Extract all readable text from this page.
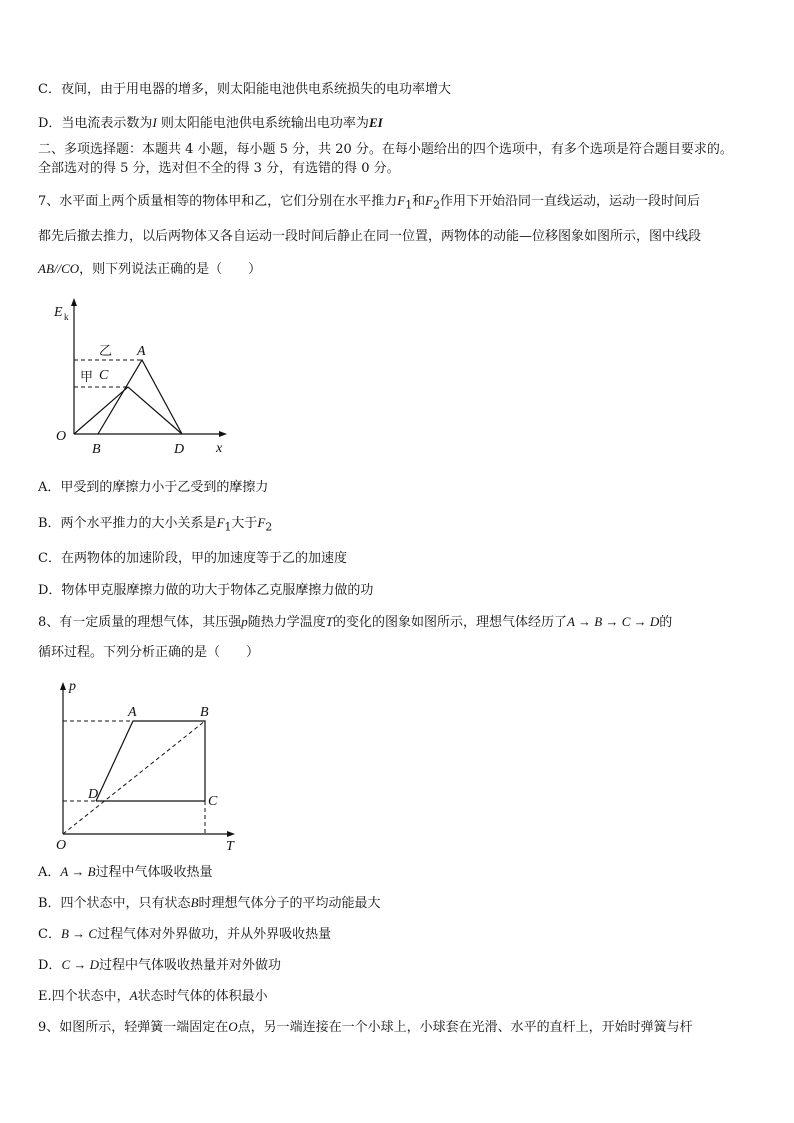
C．夜间，由于用电器的增多，则太阳能电池供电系统损失的电功率增大
D．当电流表示数为I 则太阳能电池供电系统输出电功率为EI
二、多项选择题：本题共 4 小题，每小题 5 分，共 20 分。在每小题给出的四个选项中，有多个选项是符合题目要求的。
全部选对的得 5 分，选对但不全的得 3 分，有选错的得 0 分。
7、水平面上两个质量相等的物体甲和乙，它们分别在水平推力$F_1$和$F_2$作用下开始沿同一直线运动，运动一段时间后
都先后撤去推力，以后两物体又各自运动一段时间后静止在同一位置，两物体的动能—位移图象如图所示，图中线段
AB//CO，则下列说法正确的是（　　）
E k
x
O
A
C
B	D
乙
甲
A．甲受到的摩擦力小于乙受到的摩擦力
B．两个水平推力的大小关系是$F_1$大于$F_2$
C．在两物体的加速阶段，甲的加速度等于乙的加速度
D．物体甲克服摩擦力做的功大于物体乙克服摩擦力做的功
8、有一定质量的理想气体，其压强p随热力学温度T的变化的图象如图所示，理想气体经历了A → B → C → D的
循环过程。下列分析正确的是（　　）
p
T
O
A	B
C
D
A．A → B过程中气体吸收热量
B．四个状态中，只有状态B时理想气体分子的平均动能最大
C．B → C过程气体对外界做功，并从外界吸收热量
D．C → D过程中气体吸收热量并对外做功
E.四个状态中，A状态时气体的体积最小
9、如图所示，轻弹簧一端固定在O点，另一端连接在一个小球上，小球套在光滑、水平的直杆上，开始时弹簧与杆
